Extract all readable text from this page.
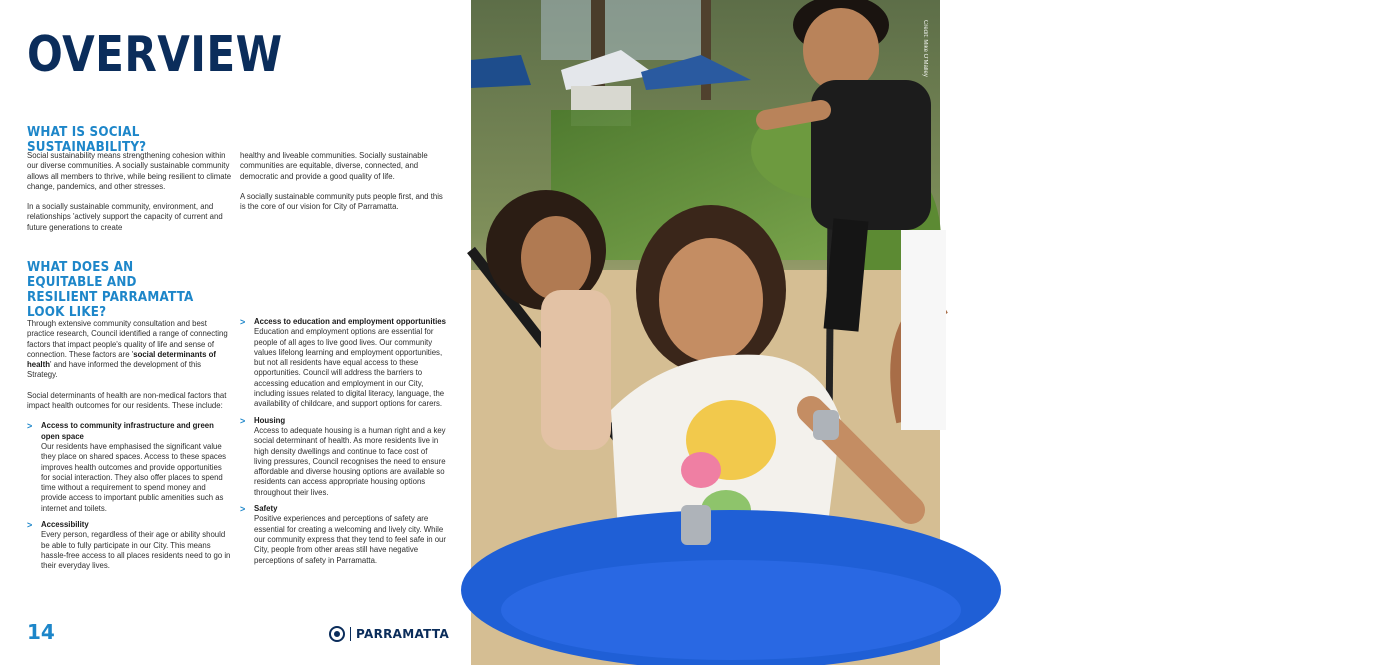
OVERVIEW
WHAT IS SOCIAL SUSTAINABILITY?

Social sustainability means strengthening cohesion within our diverse communities. A socially sustainable community allows all members to thrive, while being resilient to climate change, pandemics, and other stresses.

In a socially sustainable community, environment, and relationships 'actively support the capacity of current and future generations to create

healthy and liveable communities. Socially sustainable communities are equitable, diverse, connected, and democratic and provide a good quality of life.

A socially sustainable community puts people first, and this is the core of our vision for City of Parramatta.

WHAT DOES AN EQUITABLE AND RESILIENT PARRAMATTA LOOK LIKE?

Through extensive community consultation and best practice research, Council identified a range of connecting factors that impact people's quality of life and sense of connection. These factors are 'social determinants of health' and have informed the development of this Strategy.

Social determinants of health are non-medical factors that impact health outcomes for our residents. These include:

> Access to community infrastructure and green open space
Our residents have emphasised the significant value they place on shared spaces. Access to these spaces improves health outcomes and provide opportunities for social interaction. They also offer places to spend time without a requirement to spend money and provide access to important public amenities such as internet and toilets.
> Accessibility
Every person, regardless of their age or ability should be able to fully participate in our City. This means hassle-free access to all places residents need to go in their everyday lives.
> Access to education and employment opportunities
Education and employment options are essential for people of all ages to live good lives. Our community values lifelong learning and employment opportunities, but not all residents have equal access to these opportunities. Council will address the barriers to accessing education and employment in our City, including issues related to digital literacy, language, the availability of childcare, and support options for carers.
> Housing
Access to adequate housing is a human right and a key social determinant of health. As more residents live in high density dwellings and continue to face cost of living pressures, Council recognises the need to ensure affordable and diverse housing options are available so residents can access appropriate housing options throughout their lives.
> Safety
Positive experiences and perceptions of safety are essential for creating a welcoming and lively city. While our community express that they tend to feel safe in our City, people from other areas still have negative perceptions of safety in Parramatta.
14	PARRAMATTA	15
Credit: Mike O'Malley
